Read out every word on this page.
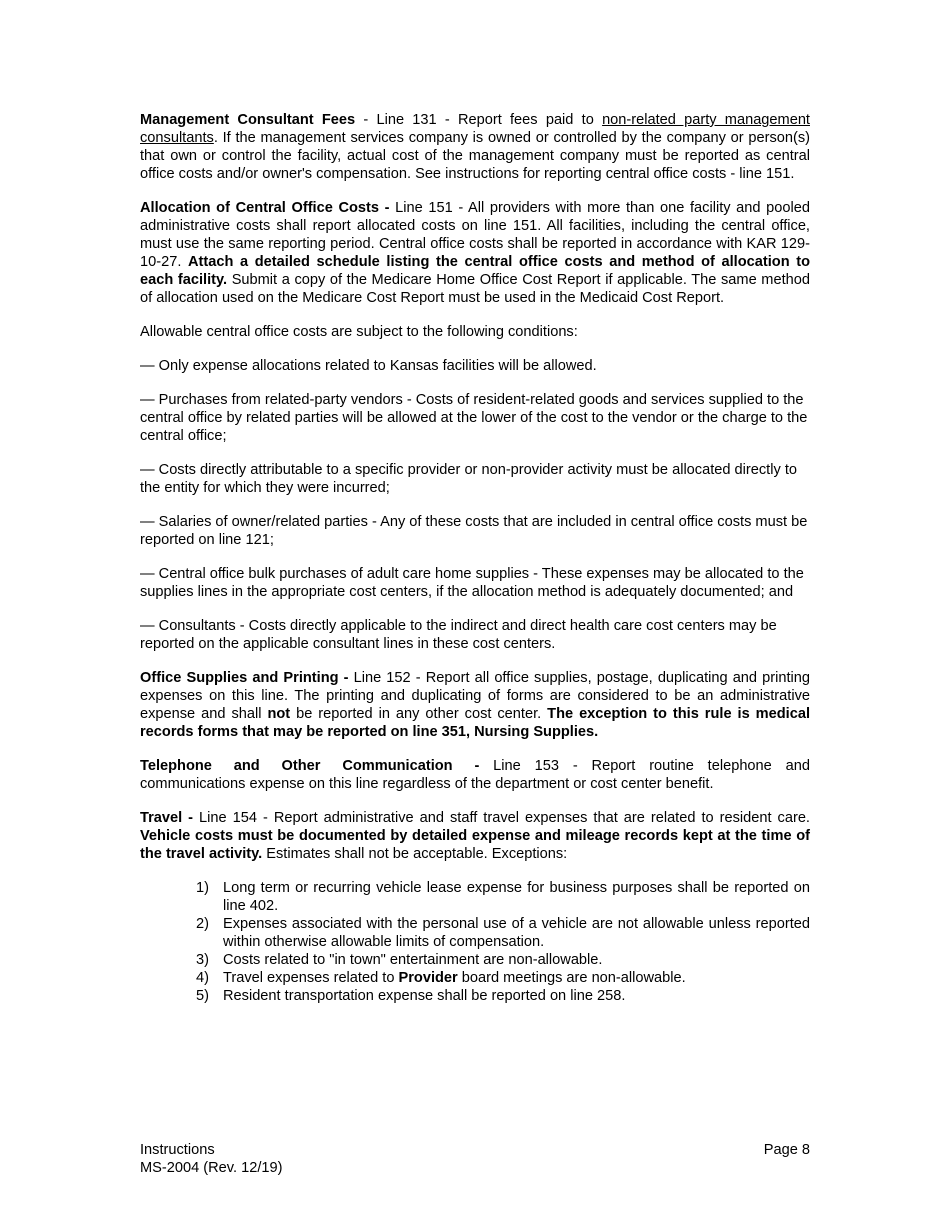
Management Consultant Fees - Line 131 - Report fees paid to non-related party management consultants. If the management services company is owned or controlled by the company or person(s) that own or control the facility, actual cost of the management company must be reported as central office costs and/or owner's compensation. See instructions for reporting central office costs - line 151.

Allocation of Central Office Costs - Line 151 - All providers with more than one facility and pooled administrative costs shall report allocated costs on line 151. All facilities, including the central office, must use the same reporting period. Central office costs shall be reported in accordance with KAR 129-10-27. Attach a detailed schedule listing the central office costs and method of allocation to each facility. Submit a copy of the Medicare Home Office Cost Report if applicable. The same method of allocation used on the Medicare Cost Report must be used in the Medicaid Cost Report.

Allowable central office costs are subject to the following conditions:

— Only expense allocations related to Kansas facilities will be allowed.

— Purchases from related-party vendors - Costs of resident-related goods and services supplied to the central office by related parties will be allowed at the lower of the cost to the vendor or the charge to the central office;

— Costs directly attributable to a specific provider or non-provider activity must be allocated directly to the entity for which they were incurred;

— Salaries of owner/related parties - Any of these costs that are included in central office costs must be reported on line 121;

— Central office bulk purchases of adult care home supplies - These expenses may be allocated to the supplies lines in the appropriate cost centers, if the allocation method is adequately documented; and

— Consultants - Costs directly applicable to the indirect and direct health care cost centers may be reported on the applicable consultant lines in these cost centers.

Office Supplies and Printing - Line 152 - Report all office supplies, postage, duplicating and printing expenses on this line. The printing and duplicating of forms are considered to be an administrative expense and shall not be reported in any other cost center. The exception to this rule is medical records forms that may be reported on line 351, Nursing Supplies.

Telephone and Other Communication - Line 153 - Report routine telephone and communications expense on this line regardless of the department or cost center benefit.

Travel - Line 154 - Report administrative and staff travel expenses that are related to resident care. Vehicle costs must be documented by detailed expense and mileage records kept at the time of the travel activity. Estimates shall not be acceptable. Exceptions:

1) Long term or recurring vehicle lease expense for business purposes shall be reported on line 402.
2) Expenses associated with the personal use of a vehicle are not allowable unless reported within otherwise allowable limits of compensation.
3) Costs related to "in town" entertainment are non-allowable.
4) Travel expenses related to Provider board meetings are non-allowable.
5) Resident transportation expense shall be reported on line 258.
Instructions
MS-2004 (Rev. 12/19)
Page 8
